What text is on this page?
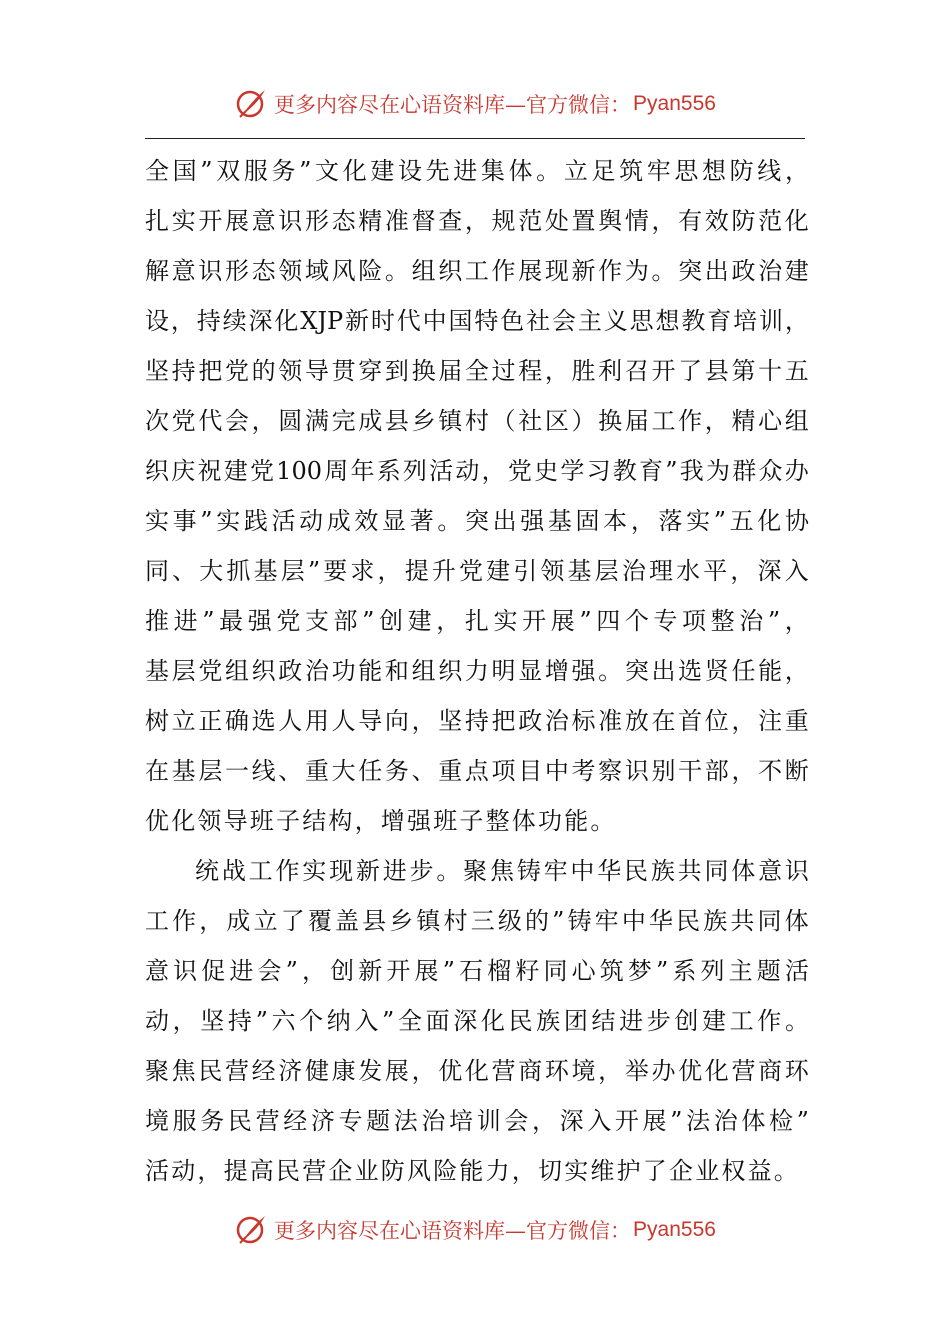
更多内容尽在心语资料库—官方微信： Pyan556
全 国 ” 双 服 务 ” 文 化 建 设 先 进 集 体 。 立 足 筑 牢 思 想 防 线 ，
扎 实 开 展 意 识 形 态 精 准 督 查 ， 规 范 处 置 舆 情 ， 有 效 防 范 化
解 意 识 形 态 领 域 风 险 。 组 织 工 作 展 现 新 作 为 。 突 出 政 治 建
设 ， 持 续 深 化 XJP 新 时 代 中 国 特 色 社 会 主 义 思 想 教 育 培 训 ，
坚 持 把 党 的 领 导 贯 穿 到 换 届 全 过 程 ， 胜 利 召 开 了 县 第 十 五
次 党 代 会 ， 圆 满 完 成 县 乡 镇 村 （ 社 区 ） 换 届 工 作 ， 精 心 组
织 庆 祝 建 党 100 周 年 系 列 活 动 ， 党 史 学 习 教 育 ” 我 为 群 众 办
实 事 ” 实 践 活 动 成 效 显 著 。 突 出 强 基 固 本 ， 落 实 ” 五 化 协
同 、 大 抓 基 层 ” 要 求 ， 提 升 党 建 引 领 基 层 治 理 水 平 ， 深 入
推 进 ” 最 强 党 支 部 ” 创 建 ， 扎 实 开 展 ” 四 个 专 项 整 治 ” ，
基 层 党 组 织 政 治 功 能 和 组 织 力 明 显 增 强 。 突 出 选 贤 任 能 ，
树 立 正 确 选 人 用 人 导 向 ， 坚 持 把 政 治 标 准 放 在 首 位 ， 注 重
在 基 层 一 线 、 重 大 任 务 、 重 点 项 目 中 考 察 识 别 干 部 ， 不 断
优化领导班子结构，增强班子整体功能。
统 战 工 作 实 现 新 进 步 。 聚 焦 铸 牢 中 华 民 族 共 同 体 意 识
工 作 ， 成 立 了 覆 盖 县 乡 镇 村 三 级 的 ” 铸 牢 中 华 民 族 共 同 体
意 识 促 进 会 ” ， 创 新 开 展 ” 石 榴 籽 同 心 筑 梦 ” 系 列 主 题 活
动 ， 坚 持 ” 六 个 纳 入 ” 全 面 深 化 民 族 团 结 进 步 创 建 工 作 。
聚 焦 民 营 经 济 健 康 发 展 ， 优 化 营 商 环 境 ， 举 办 优 化 营 商 环
境 服 务 民 营 经 济 专 题 法 治 培 训 会 ， 深 入 开 展 ” 法 治 体 检 ”
活动，提高民营企业防风险能力，切实维护了企业权益。
更多内容尽在心语资料库—官方微信： Pyan556
